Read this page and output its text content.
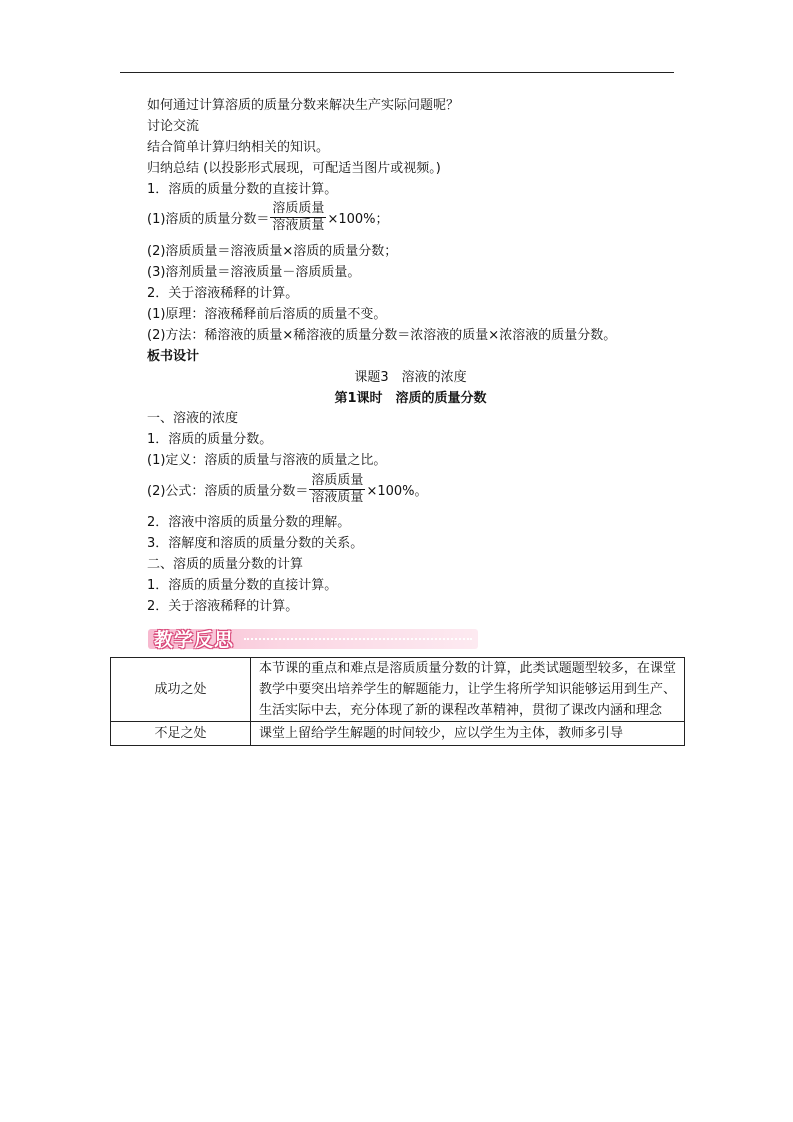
如何通过计算溶质的质量分数来解决生产实际问题呢？
讨论交流
结合简单计算归纳相关的知识。
归纳总结 (以投影形式展现，可配适当图片或视频。)
1．溶质的质量分数的直接计算。
(1)溶质的质量分数＝ $\frac{\text{溶质质量}}{\text{溶液质量}} \times 100\%$；
(2)溶质质量＝溶液质量×溶质的质量分数；
(3)溶剂质量＝溶液质量－溶质质量。
2．关于溶液稀释的计算。
(1)原理：溶液稀释前后溶质的质量不变。
(2)方法：稀溶液的质量×稀溶液的质量分数＝浓溶液的质量×浓溶液的质量分数。
板书设计
课题3　溶液的浓度
第1课时　溶质的质量分数
一、溶液的浓度
1．溶质的质量分数。
(1)定义：溶质的质量与溶液的质量之比。
(2)公式：溶质的质量分数＝ $\frac{\text{溶质质量}}{\text{溶液质量}} \times 100\%$。
2．溶液中溶质的质量分数的理解。
3．溶解度和溶质的质量分数的关系。
二、溶质的质量分数的计算
1．溶质的质量分数的直接计算。
2．关于溶液稀释的计算。
教学反思
成功之处	本节课的重点和难点是溶质质量分数的计算，此类试题题型较多，在课堂教学中要突出培养学生的解题能力，让学生将所学知识能够运用到生产、生活实际中去，充分体现了新的课程改革精神，贯彻了课改内涵和理念
不足之处	课堂上留给学生解题的时间较少，应以学生为主体，教师多引导
